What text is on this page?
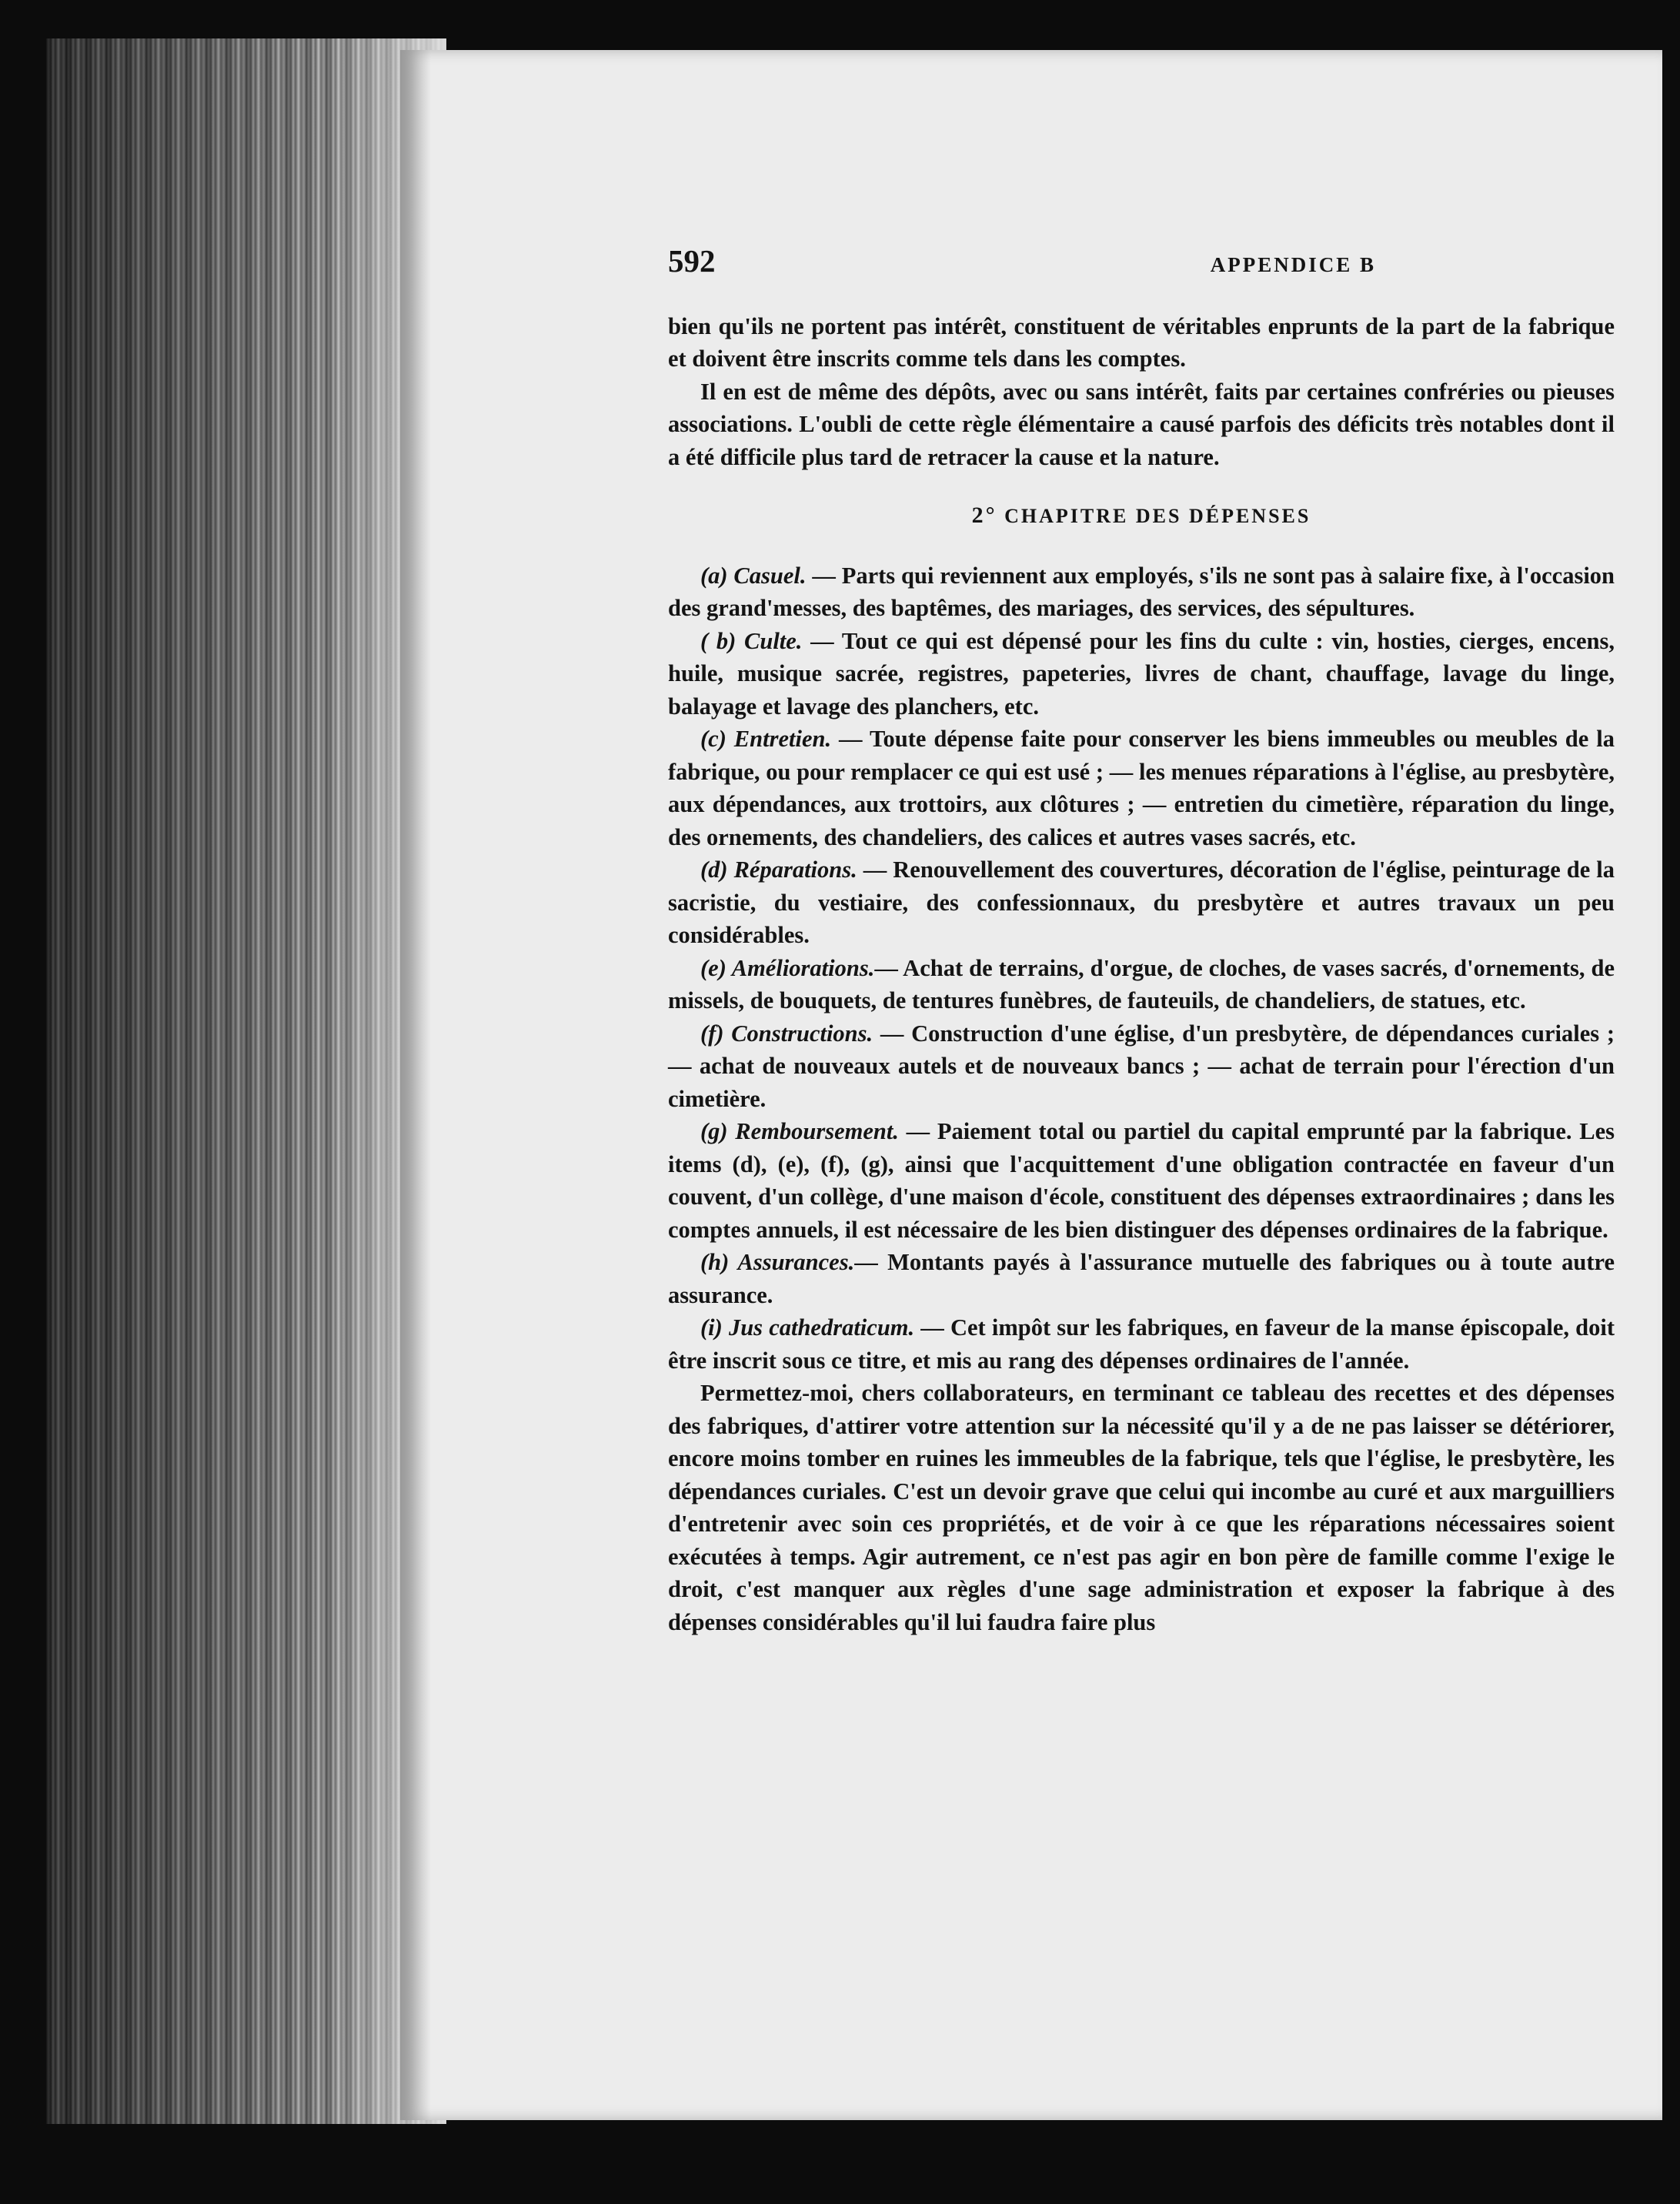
592	APPENDICE B

bien qu'ils ne portent pas intérêt, constituent de véritables enprunts de la part de la fabrique et doivent être inscrits comme tels dans les comptes.

Il en est de même des dépôts, avec ou sans intérêt, faits par certaines confréries ou pieuses associations. L'oubli de cette règle élémentaire a causé parfois des déficits très notables dont il a été difficile plus tard de retracer la cause et la nature.

2° CHAPITRE DES DÉPENSES

(a) Casuel. — Parts qui reviennent aux employés, s'ils ne sont pas à salaire fixe, à l'occasion des grand'messes, des baptêmes, des mariages, des services, des sépultures.

( b) Culte. — Tout ce qui est dépensé pour les fins du culte : vin, hosties, cierges, encens, huile, musique sacrée, registres, papeteries, livres de chant, chauffage, lavage du linge, balayage et lavage des planchers, etc.

(c) Entretien. — Toute dépense faite pour conserver les biens immeubles ou meubles de la fabrique, ou pour remplacer ce qui est usé ; — les menues réparations à l'église, au presbytère, aux dépendances, aux trottoirs, aux clôtures ; — entretien du cimetière, réparation du linge, des ornements, des chandeliers, des calices et autres vases sacrés, etc.

(d) Réparations. — Renouvellement des couvertures, décoration de l'église, peinturage de la sacristie, du vestiaire, des confessionnaux, du presbytère et autres travaux un peu considérables.

(e) Améliorations.— Achat de terrains, d'orgue, de cloches, de vases sacrés, d'ornements, de missels, de bouquets, de tentures funèbres, de fauteuils, de chandeliers, de statues, etc.

(f) Constructions. — Construction d'une église, d'un presbytère, de dépendances curiales ; — achat de nouveaux autels et de nouveaux bancs ; — achat de terrain pour l'érection d'un cimetière.

(g) Remboursement. — Paiement total ou partiel du capital emprunté par la fabrique. Les items (d), (e), (f), (g), ainsi que l'acquittement d'une obligation contractée en faveur d'un couvent, d'un collège, d'une maison d'école, constituent des dépenses extraordinaires ; dans les comptes annuels, il est nécessaire de les bien distinguer des dépenses ordinaires de la fabrique.

(h) Assurances.— Montants payés à l'assurance mutuelle des fabriques ou à toute autre assurance.

(i) Jus cathedraticum. — Cet impôt sur les fabriques, en faveur de la manse épiscopale, doit être inscrit sous ce titre, et mis au rang des dépenses ordinaires de l'année.

Permettez-moi, chers collaborateurs, en terminant ce tableau des recettes et des dépenses des fabriques, d'attirer votre attention sur la nécessité qu'il y a de ne pas laisser se détériorer, encore moins tomber en ruines les immeubles de la fabrique, tels que l'église, le presbytère, les dépendances curiales. C'est un devoir grave que celui qui incombe au curé et aux marguilliers d'entretenir avec soin ces propriétés, et de voir à ce que les réparations nécessaires soient exécutées à temps. Agir autrement, ce n'est pas agir en bon père de famille comme l'exige le droit, c'est manquer aux règles d'une sage administration et exposer la fabrique à des dépenses considérables qu'il lui faudra faire plus
